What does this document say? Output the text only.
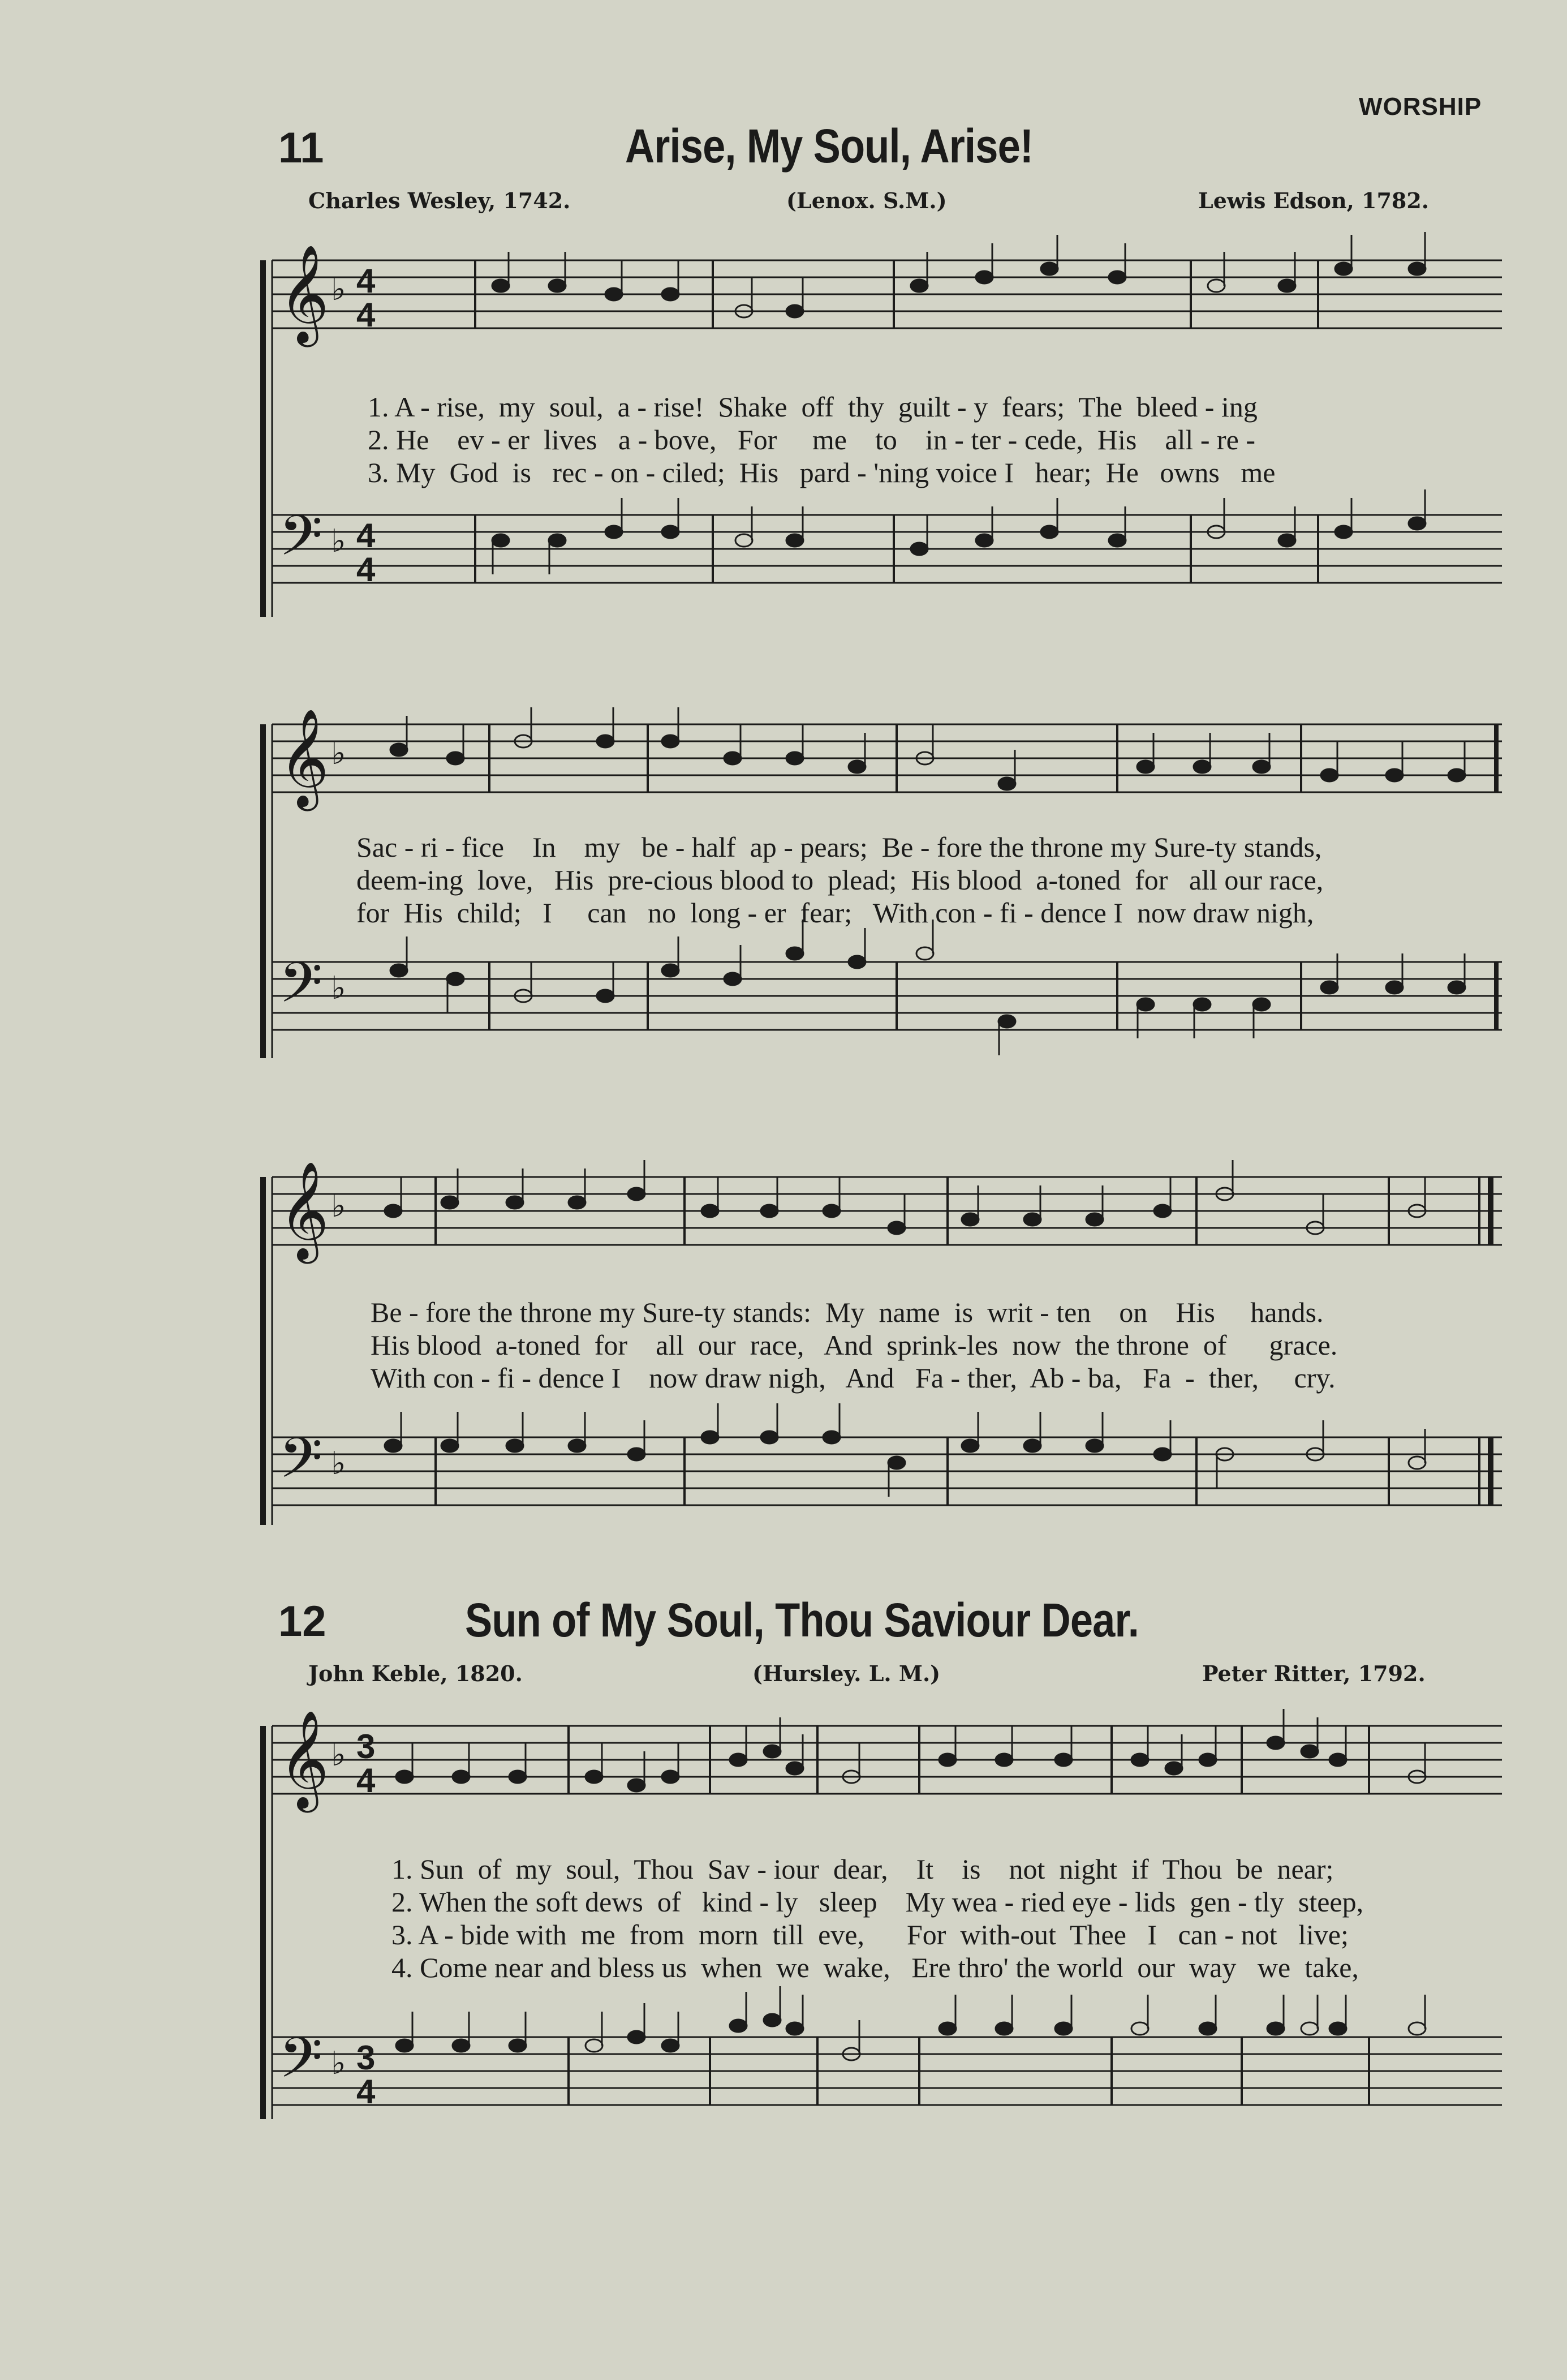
WORSHIP
11	Arise, My Soul, Arise!
Charles Wesley, 1742.	(Lenox. S.M.)	Lewis Edson, 1782.
𝄞
𝄢
♭
♭
4
4
4
4
1. A - rise,  my  soul,  a - rise!  Shake  off  thy  guilt - y  fears;  The  bleed - ing
2. He    ev - er  lives   a - bove,   For     me    to    in - ter - cede,  His    all - re -
3. My  God  is   rec - on - ciled;  His   pard - 'ning voice I   hear;  He   owns   me
𝄞
𝄢
♭
♭
Sac - ri - fice    In    my   be - half  ap - pears;  Be - fore the throne my Sure-ty stands,
deem-ing  love,   His  pre-cious blood to  plead;  His blood  a-toned  for   all our race,
for  His  child;   I     can   no  long - er  fear;   With con - fi - dence I  now draw nigh,
𝄞
𝄢
♭
♭
Be - fore the throne my Sure-ty stands:  My  name  is  writ - ten    on    His     hands.
His blood  a-toned  for    all  our  race,   And  sprink-les  now  the throne  of      grace.
With con - fi - dence I    now draw nigh,   And   Fa - ther,  Ab - ba,   Fa  -  ther,     cry.
12	Sun of My Soul, Thou Saviour Dear.
John Keble, 1820.	(Hursley. L. M.)	Peter Ritter, 1792.
𝄞
𝄢
♭
♭
3
4
3
4
1. Sun  of  my  soul,  Thou  Sav - iour  dear,    It    is    not  night  if  Thou  be  near;
2. When the soft dews  of   kind - ly   sleep    My wea - ried eye - lids  gen - tly  steep,
3. A - bide with  me  from  morn  till  eve,      For  with-out  Thee   I   can - not   live;
4. Come near and bless us  when  we  wake,   Ere thro' the world  our  way   we  take,
